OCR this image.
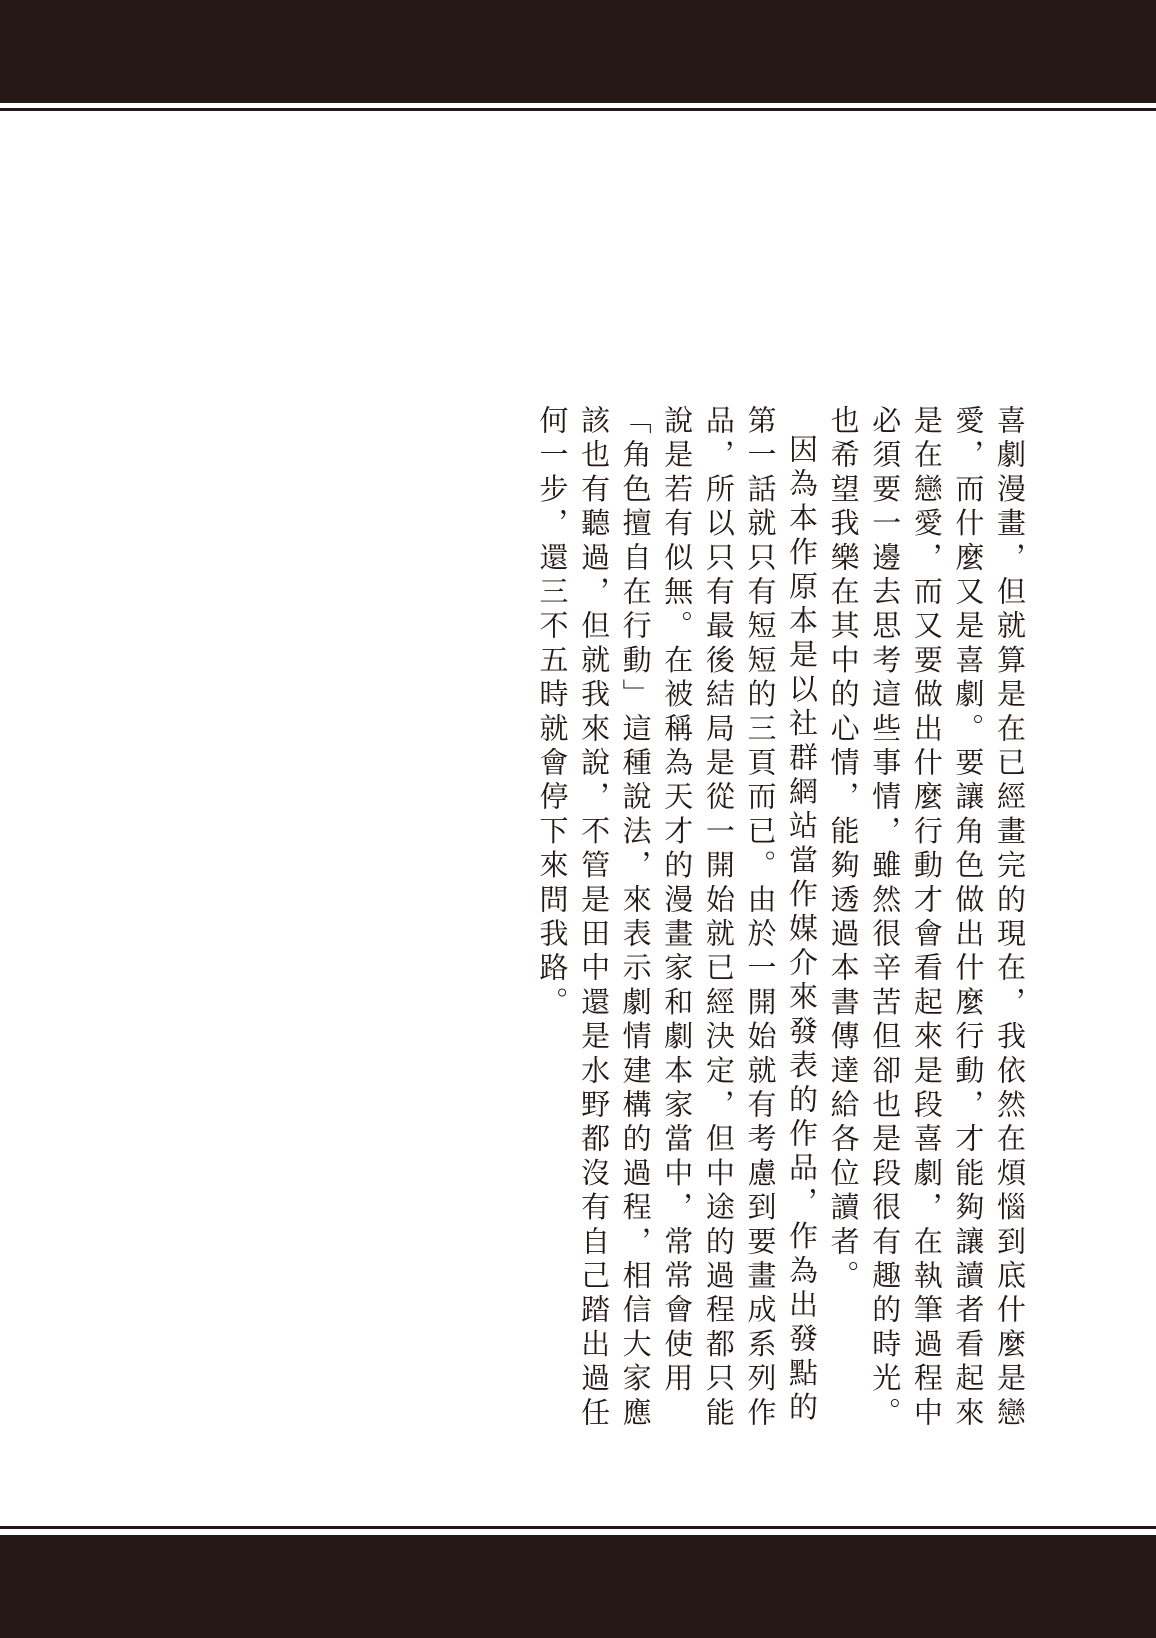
喜劇漫畫，但就算是在已經畫完的現在，我依然在煩惱到底什麼是戀愛，而什麼又是喜劇。要讓角色做出什麼行動，才能夠讓讀者看起來是在戀愛，而又要做出什麼行動才會看起來是段喜劇，在執筆過程中必須要一邊去思考這些事情，雖然很辛苦但卻也是段很有趣的時光。也希望我樂在其中的心情，能夠透過本書傳達給各位讀者。

因為本作原本是以社群網站當作媒介來發表的作品，作為出發點的第一話就只有短短的三頁而已。由於一開始就有考慮到要畫成系列作品，所以只有最後結局是從一開始就已經決定，但中途的過程都只能說是若有似無。在被稱為天才的漫畫家和劇本家當中，常常會使用「角色擅自在行動」這種說法，來表示劇情建構的過程，相信大家應該也有聽過，但就我來說，不管是田中還是水野都沒有自己踏出過任何一步，還三不五時就會停下來問我路。
